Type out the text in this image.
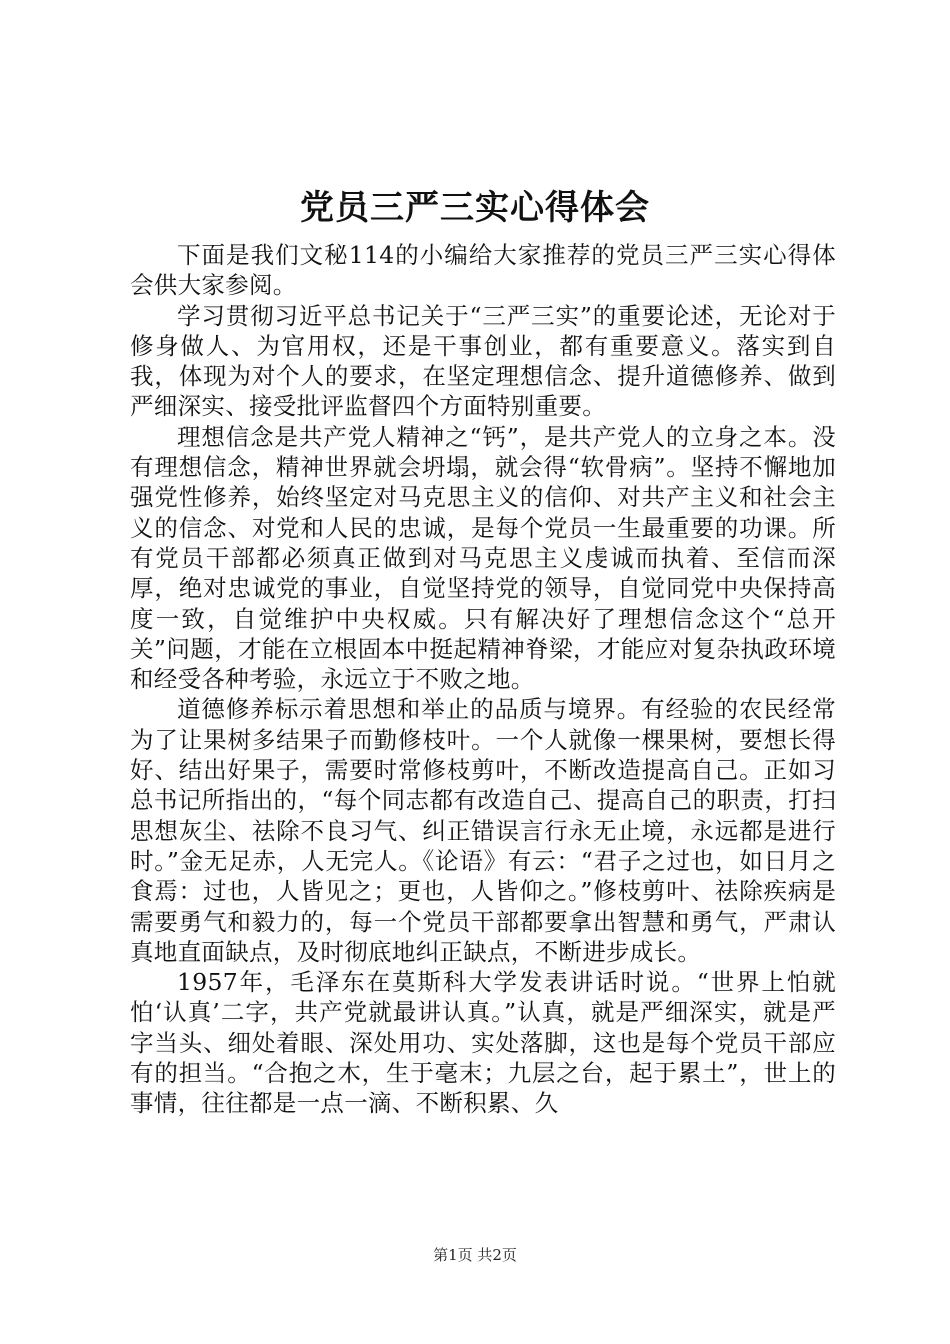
党员三严三实心得体会

下面是我们文秘114的小编给大家推荐的党员三严三实心得体会供大家参阅。

学习贯彻习近平总书记关于“三严三实”的重要论述，无论对于修身做人、为官用权，还是干事创业，都有重要意义。落实到自我，体现为对个人的要求，在坚定理想信念、提升道德修养、做到严细深实、接受批评监督四个方面特别重要。

理想信念是共产党人精神之“钙”，是共产党人的立身之本。没有理想信念，精神世界就会坍塌，就会得“软骨病”。坚持不懈地加强党性修养，始终坚定对马克思主义的信仰、对共产主义和社会主义的信念、对党和人民的忠诚，是每个党员一生最重要的功课。所有党员干部都必须真正做到对马克思主义虔诚而执着、至信而深厚，绝对忠诚党的事业，自觉坚持党的领导，自觉同党中央保持高度一致，自觉维护中央权威。只有解决好了理想信念这个“总开关”问题，才能在立根固本中挺起精神脊梁，才能应对复杂执政环境和经受各种考验，永远立于不败之地。

道德修养标示着思想和举止的品质与境界。有经验的农民经常为了让果树多结果子而勤修枝叶。一个人就像一棵果树，要想长得好、结出好果子，需要时常修枝剪叶，不断改造提高自己。正如习总书记所指出的，“每个同志都有改造自己、提高自己的职责，打扫思想灰尘、祛除不良习气、纠正错误言行永无止境，永远都是进行时。”金无足赤，人无完人。《论语》有云：“君子之过也，如日月之食焉：过也，人皆见之；更也，人皆仰之。”修枝剪叶、祛除疾病是需要勇气和毅力的，每一个党员干部都要拿出智慧和勇气，严肃认真地直面缺点，及时彻底地纠正缺点，不断进步成长。

1957年，毛泽东在莫斯科大学发表讲话时说。“世界上怕就怕‘认真’二字，共产党就最讲认真。”认真，就是严细深实，就是严字当头、细处着眼、深处用功、实处落脚，这也是每个党员干部应有的担当。“合抱之木，生于毫末；九层之台，起于累土”，世上的事情，往往都是一点一滴、不断积累、久

第1页 共2页
